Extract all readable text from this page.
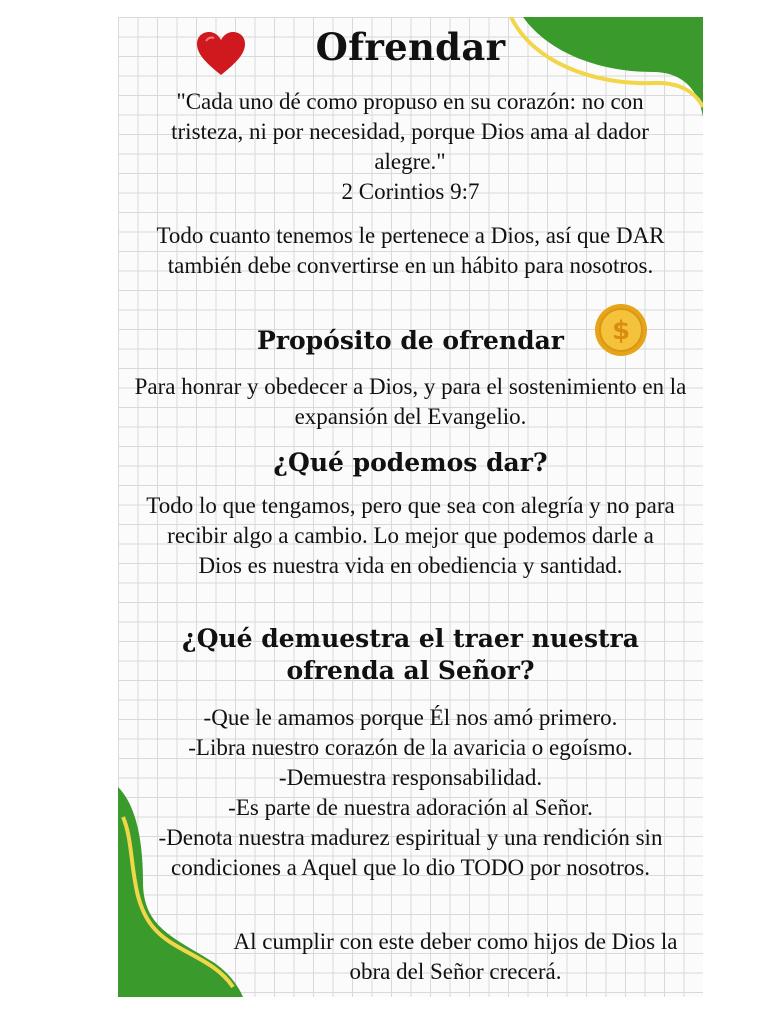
$
Ofrendar

"Cada uno dé como propuso en su corazón: no con tristeza, ni por necesidad, porque Dios ama al dador alegre."

2 Corintios 9:7

Todo cuanto tenemos le pertenece a Dios, así que DAR también debe convertirse en un hábito para nosotros.

Propósito de ofrendar

Para honrar y obedecer a Dios, y para el sostenimiento en la expansión del Evangelio.

¿Qué podemos dar?

Todo lo que tengamos, pero que sea con alegría y no para recibir algo a cambio. Lo mejor que podemos darle a Dios es nuestra vida en obediencia y santidad.

¿Qué demuestra el traer nuestra ofrenda al Señor?
-Que le amamos porque Él nos amó primero.
-Libra nuestro corazón de la avaricia o egoísmo.
-Demuestra responsabilidad.
-Es parte de nuestra adoración al Señor.
-Denota nuestra madurez espiritual y una rendición sin condiciones a Aquel que lo dio TODO por nosotros.

Al cumplir con este deber como hijos de Dios la obra del Señor crecerá.
